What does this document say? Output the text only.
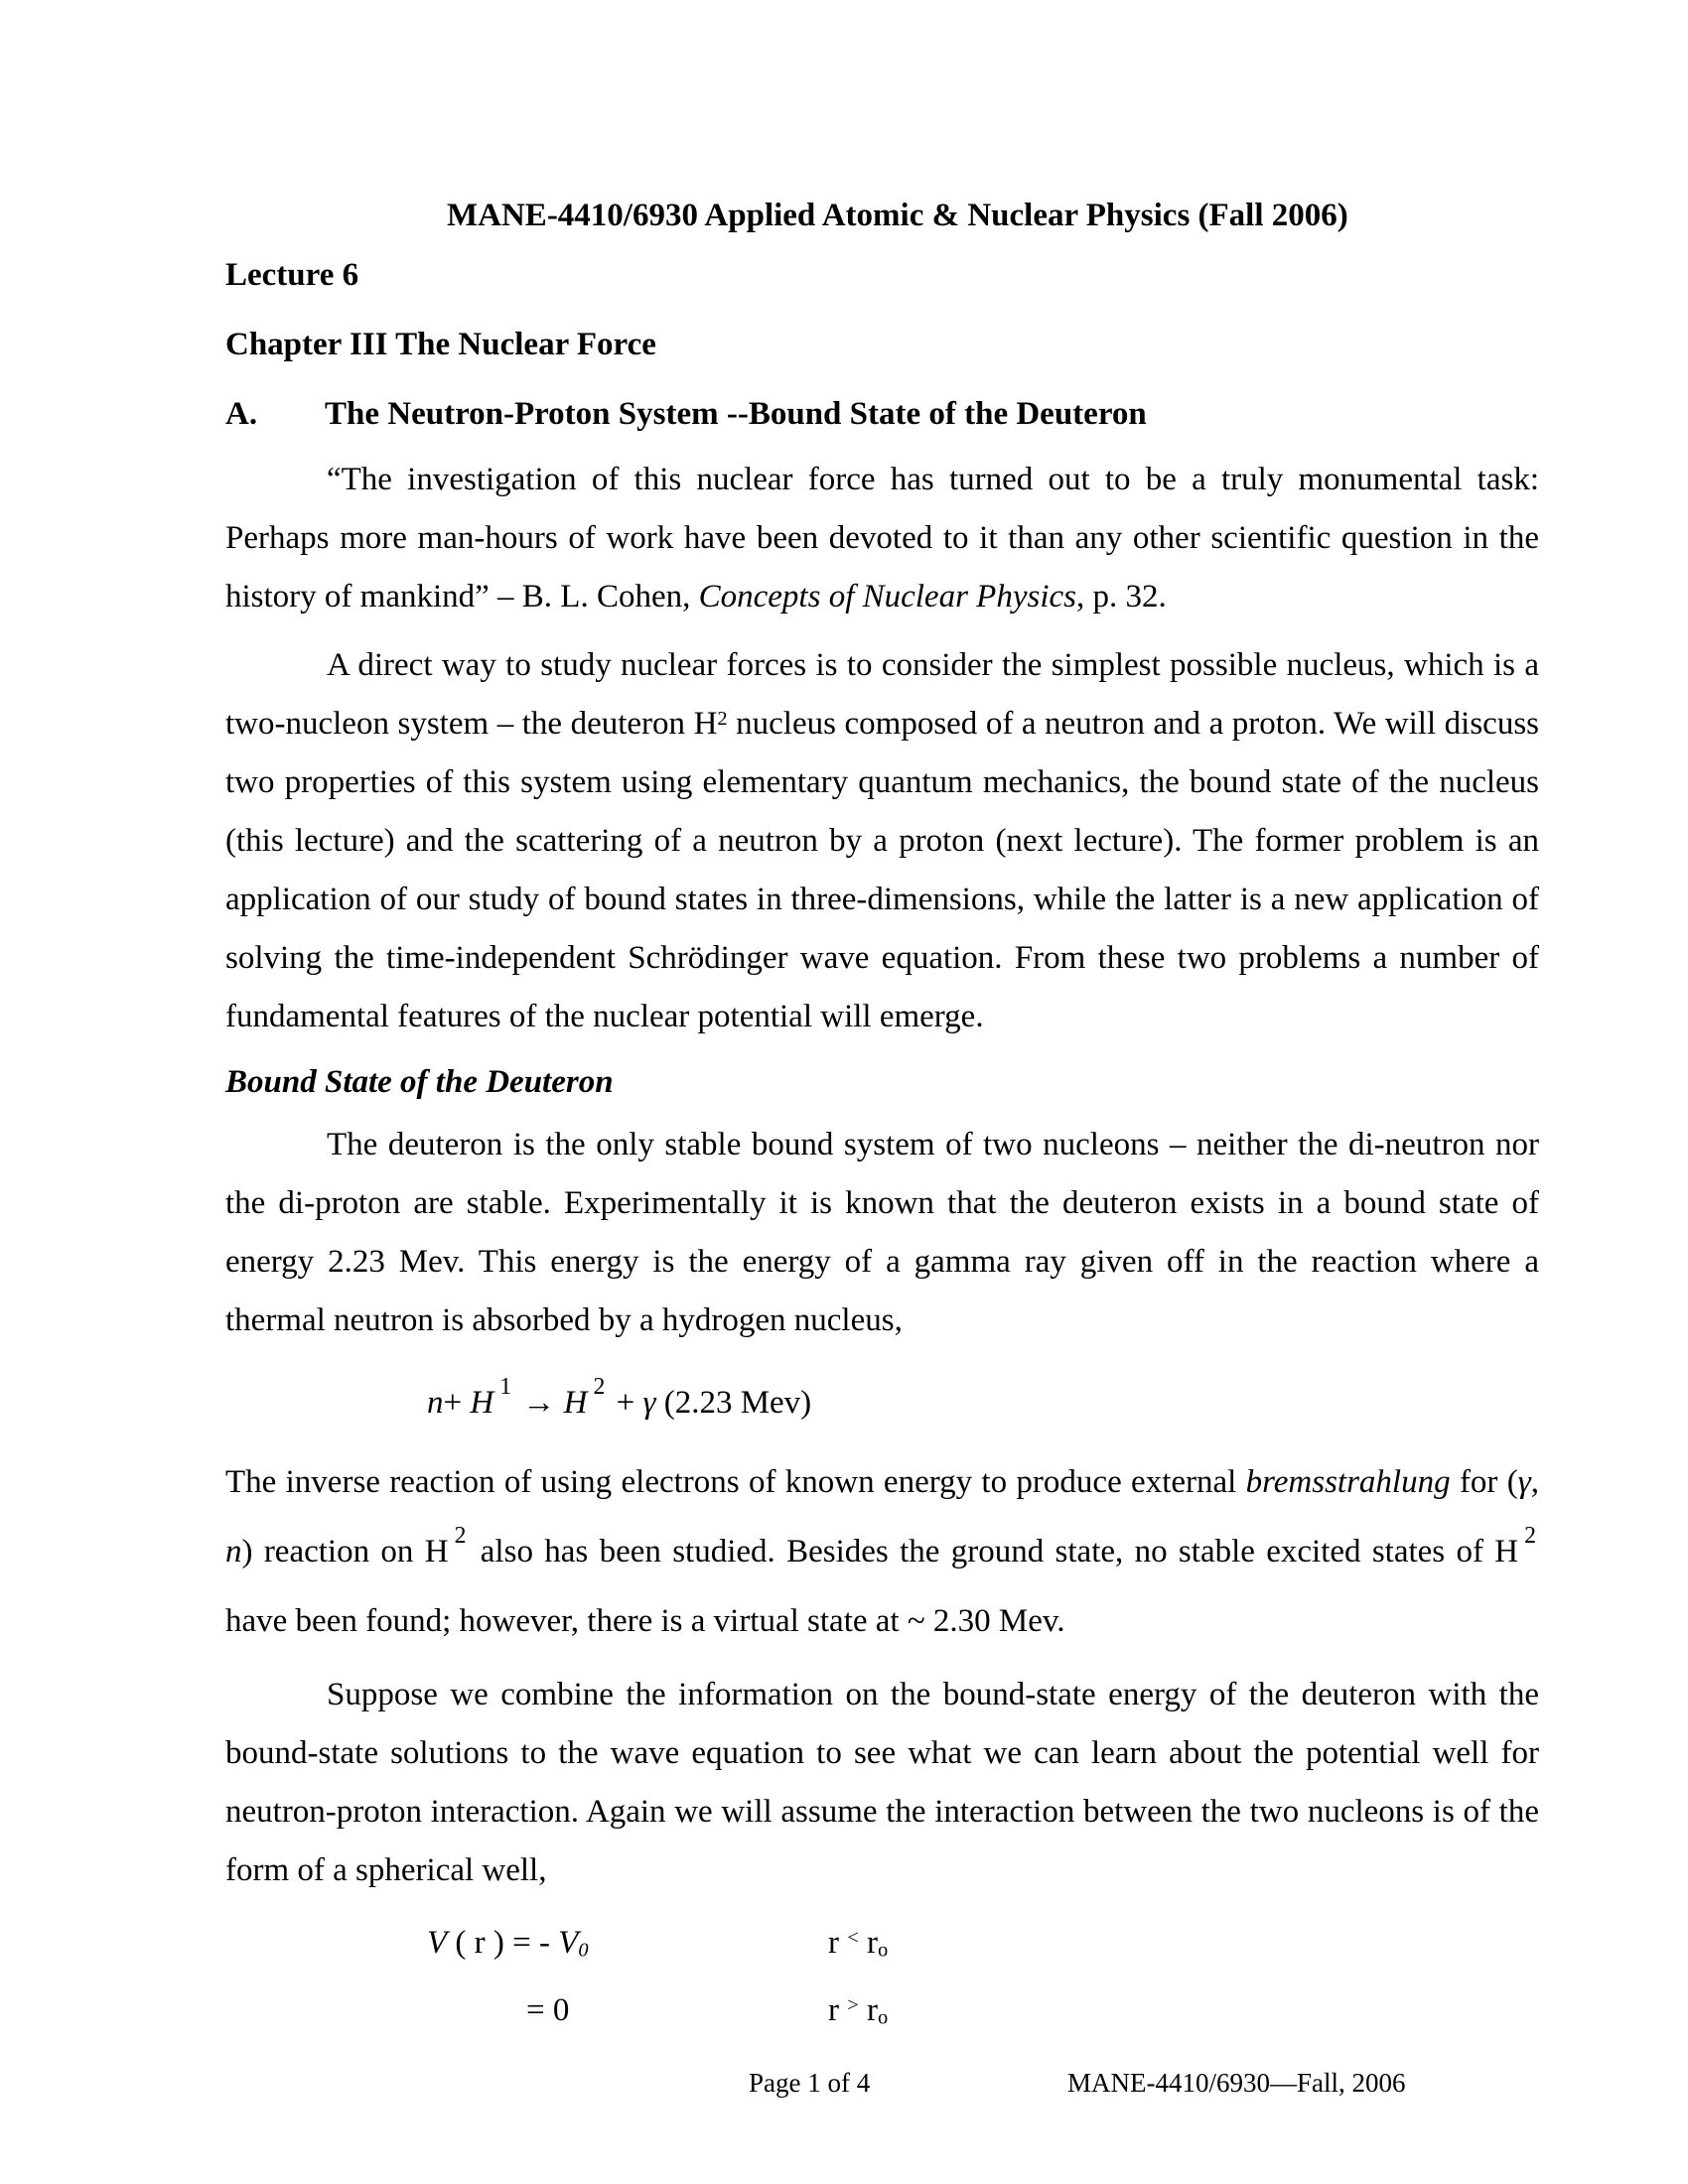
MANE-4410/6930 Applied Atomic & Nuclear Physics (Fall 2006)
Lecture 6
Chapter III The Nuclear Force
A. The Neutron-Proton System --Bound State of the Deuteron

“The investigation of this nuclear force has turned out to be a truly monumental task: Perhaps more man-hours of work have been devoted to it than any other scientific question in the history of mankind” – B. L. Cohen, Concepts of Nuclear Physics, p. 32.

A direct way to study nuclear forces is to consider the simplest possible nucleus, which is a two-nucleon system – the deuteron $H^2$ nucleus composed of a neutron and a proton. We will discuss two properties of this system using elementary quantum mechanics, the bound state of the nucleus (this lecture) and the scattering of a neutron by a proton (next lecture). The former problem is an application of our study of bound states in three-dimensions, while the latter is a new application of solving the time-independent Schrödinger wave equation. From these two problems a number of fundamental features of the nuclear potential will emerge.

Bound State of the Deuteron

The deuteron is the only stable bound system of two nucleons – neither the di-neutron nor the di-proton are stable. Experimentally it is known that the deuteron exists in a bound state of energy 2.23 Mev. This energy is the energy of a gamma ray given off in the reaction where a thermal neutron is absorbed by a hydrogen nucleus,

n+ H $^1$ → H $^2$ + γ (2.23 Mev)

The inverse reaction of using electrons of known energy to produce external bremsstrahlung for (γ, n) reaction on H $^2$ also has been studied. Besides the ground state, no stable excited states of H $^2$ have been found; however, there is a virtual state at ~ 2.30 Mev.

Suppose we combine the information on the bound-state energy of the deuteron with the bound-state solutions to the wave equation to see what we can learn about the potential well for neutron-proton interaction. Again we will assume the interaction between the two nucleons is of the form of a spherical well,

V ( r ) = - V0	r < ro
= 0	r > ro
Page 1 of 4	MANE-4410/6930—Fall, 2006
